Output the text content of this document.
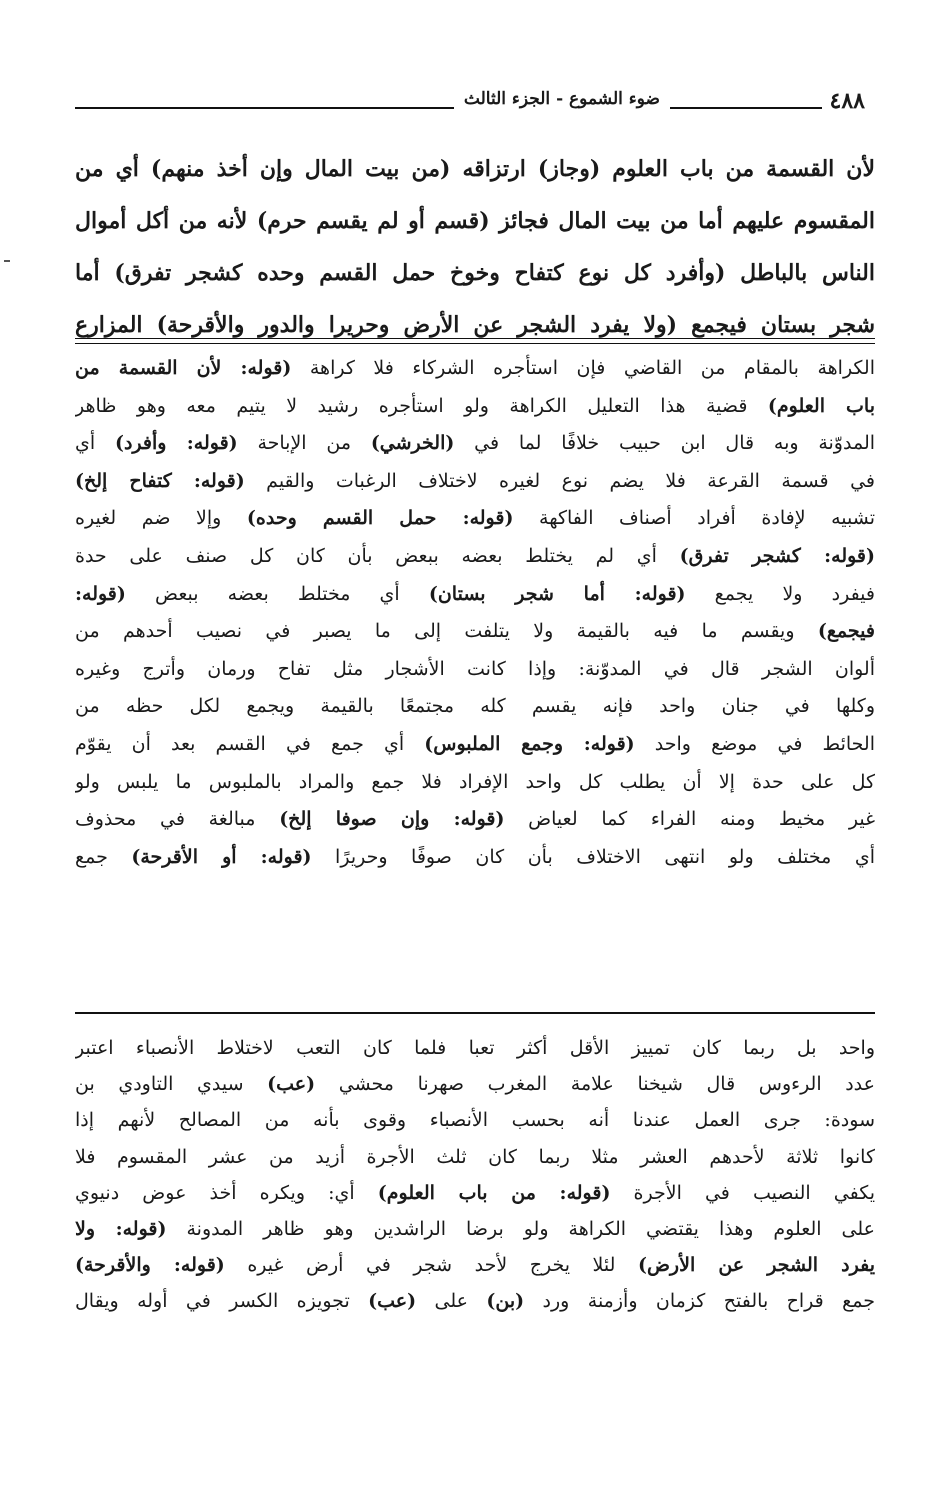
٤٨٨
ضوء الشموع - الجزء الثالث

لأن القسمة من باب العلوم (وجاز) ارتزاقه (من بيت المال وإن أخذ منهم) أي من

المقسوم عليهم أما من بيت المال فجائز (قسم أو لم يقسم حرم) لأنه من أكل أموال

الناس بالباطل (وأفرد كل نوع كتفاح وخوخ حمل القسم وحده كشجر تفرق) أما

شجر بستان فيجمع (ولا يفرد الشجر عن الأرض وحريرا والدور والأقرحة) المزارع

الكراهة بالمقام من القاضي فإن استأجره الشركاء فلا كراهة (قوله: لأن القسمة من

باب العلوم) قضية هذا التعليل الكراهة ولو استأجره رشيد لا يتيم معه وهو ظاهر

المدوّنة وبه قال ابن حبيب خلافًا لما في (الخرشي) من الإباحة (قوله: وأفرد) أي

في قسمة القرعة فلا يضم نوع لغيره لاختلاف الرغبات والقيم (قوله: كتفاح إلخ)

تشبيه لإفادة أفراد أصناف الفاكهة (قوله: حمل القسم وحده) وإلا ضم لغيره

(قوله: كشجر تفرق) أي لم يختلط بعضه ببعض بأن كان كل صنف على حدة

فيفرد ولا يجمع (قوله: أما شجر بستان) أي مختلط بعضه ببعض (قوله:

فيجمع) ويقسم ما فيه بالقيمة ولا يتلفت إلى ما يصبر في نصيب أحدهم من

ألوان الشجر قال في المدوّنة: وإذا كانت الأشجار مثل تفاح ورمان وأترج وغيره

وكلها في جنان واحد فإنه يقسم كله مجتمعًا بالقيمة ويجمع لكل حظه من

الحائط في موضع واحد (قوله: وجمع الملبوس) أي جمع في القسم بعد أن يقوّم

كل على حدة إلا أن يطلب كل واحد الإفراد فلا جمع والمراد بالملبوس ما يلبس ولو

غير مخيط ومنه الفراء كما لعياض (قوله: وإن صوفا إلخ) مبالغة في محذوف

أي مختلف ولو انتهى الاختلاف بأن كان صوفًا وحريرًا (قوله: أو الأقرحة) جمع

واحد بل ربما كان تمييز الأقل أكثر تعبا فلما كان التعب لاختلاط الأنصباء اعتبر

عدد الرءوس قال شيخنا علامة المغرب صهرنا محشي (عب) سيدي التاودي بن

سودة: جرى العمل عندنا أنه بحسب الأنصباء وقوى بأنه من المصالح لأنهم إذا

كانوا ثلاثة لأحدهم العشر مثلا ربما كان ثلث الأجرة أزيد من عشر المقسوم فلا

يكفي النصيب في الأجرة (قوله: من باب العلوم) أي: ويكره أخذ عوض دنيوي

على العلوم وهذا يقتضي الكراهة ولو برضا الراشدين وهو ظاهر المدونة (قوله: ولا

يفرد الشجر عن الأرض) لئلا يخرج لأحد شجر في أرض غيره (قوله: والأقرحة)

جمع قراح بالفتح كزمان وأزمنة ورد (بن) على (عب) تجويزه الكسر في أوله ويقال
